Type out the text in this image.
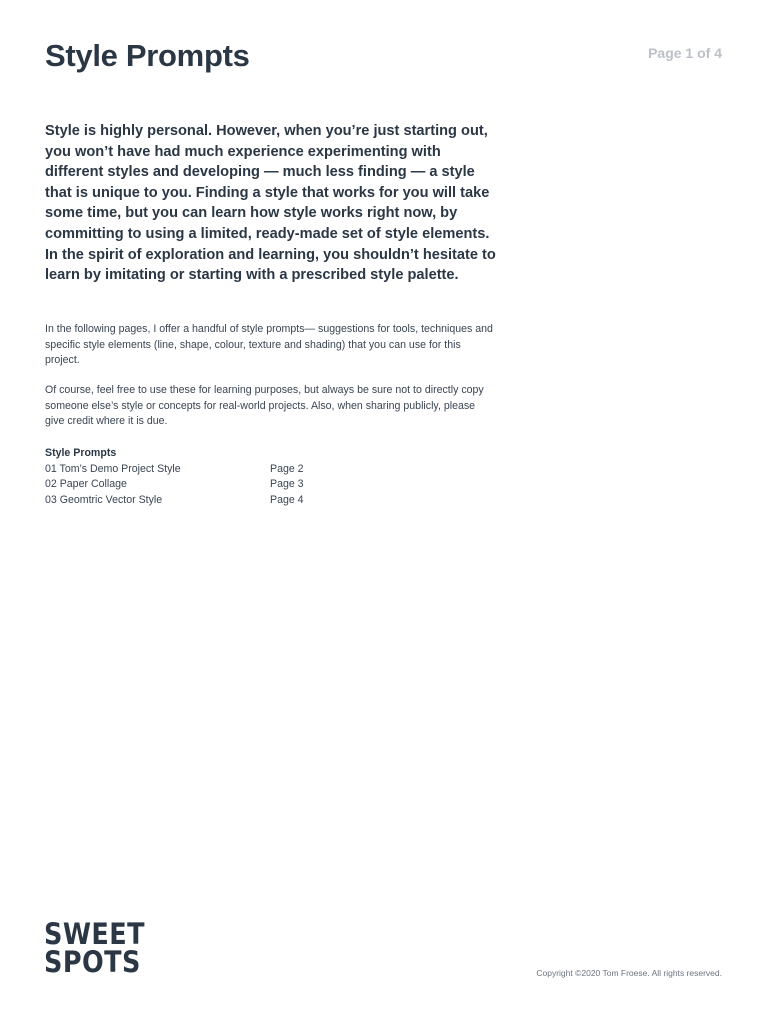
Style Prompts	Page 1 of 4

Style is highly personal. However, when you’re just starting out, you won’t have had much experience experimenting with different styles and developing — much less finding — a style that is unique to you. Finding a style that works for you will take some time, but you can learn how style works right now, by committing to using a limited, ready-made set of style elements. In the spirit of exploration and learning, you shouldn’t hesitate to learn by imitating or starting with a prescribed style palette.

In the following pages, I offer a handful of style prompts— suggestions for tools, techniques and specific style elements (line, shape, colour, texture and shading) that you can use for this project.

Of course, feel free to use these for learning purposes, but always be sure not to directly copy someone else’s style or concepts for real-world projects. Also, when sharing publicly, please give credit where it is due.

Style Prompts
01 Tom’s Demo Project Style	Page 2
02 Paper Collage	Page 3
03 Geomtric Vector Style	Page 4
SWEET
SPOTS	Copyright ©2020 Tom Froese. All rights reserved.
